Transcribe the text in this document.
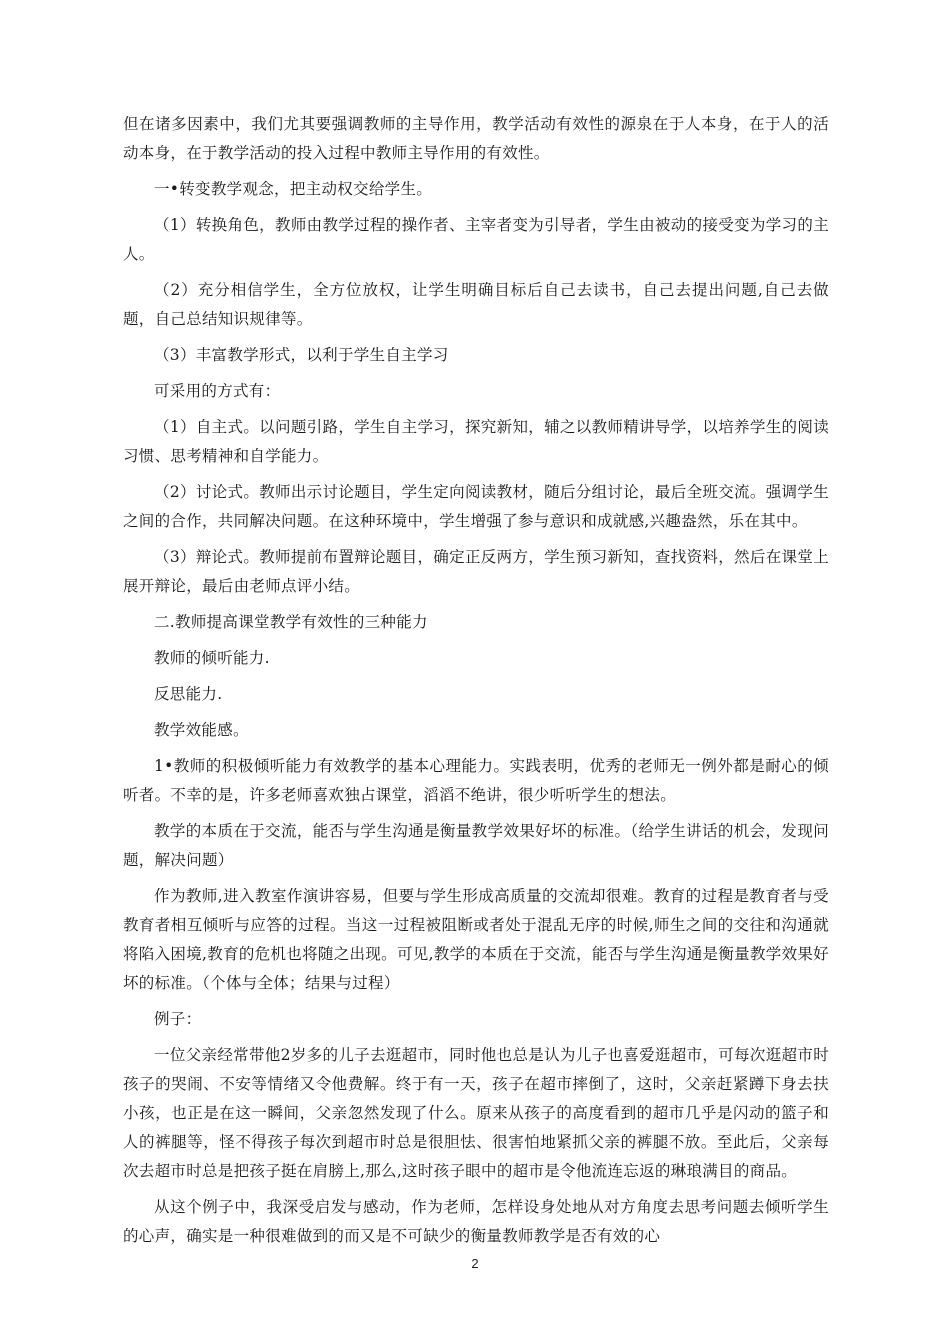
但在诸多因素中，我们尤其要强调教师的主导作用，教学活动有效性的源泉在于人本身，在于人的活动本身，在于教学活动的投入过程中教师主导作用的有效性。

一•转变教学观念，把主动权交给学生。

（1）转换角色，教师由教学过程的操作者、主宰者变为引导者，学生由被动的接受变为学习的主人。

（2）充分相信学生，全方位放权，让学生明确目标后自己去读书，自己去提出问题,自己去做题，自己总结知识规律等。

（3）丰富教学形式，以利于学生自主学习

可采用的方式有：

（1）自主式。以问题引路，学生自主学习，探究新知，辅之以教师精讲导学，以培养学生的阅读习惯、思考精神和自学能力。

（2）讨论式。教师出示讨论题目，学生定向阅读教材，随后分组讨论，最后全班交流。强调学生之间的合作，共同解决问题。在这种环境中，学生增强了参与意识和成就感,兴趣盎然，乐在其中。

（3）辩论式。教师提前布置辩论题目，确定正反两方，学生预习新知，查找资料，然后在课堂上展开辩论，最后由老师点评小结。

二.教师提高课堂教学有效性的三种能力

教师的倾听能力.

反思能力.

教学效能感。

1•教师的积极倾听能力有效教学的基本心理能力。实践表明，优秀的老师无一例外都是耐心的倾听者。不幸的是，许多老师喜欢独占课堂，滔滔不绝讲，很少听听学生的想法。

教学的本质在于交流，能否与学生沟通是衡量教学效果好坏的标准。（给学生讲话的机会，发现问题，解决问题）

作为教师,进入教室作演讲容易，但要与学生形成高质量的交流却很难。教育的过程是教育者与受教育者相互倾听与应答的过程。当这一过程被阻断或者处于混乱无序的时候,师生之间的交往和沟通就将陷入困境,教育的危机也将随之出现。可见,教学的本质在于交流，能否与学生沟通是衡量教学效果好坏的标准。（个体与全体；结果与过程）

例子：

一位父亲经常带他2岁多的儿子去逛超市，同时他也总是认为儿子也喜爱逛超市，可每次逛超市时孩子的哭闹、不安等情绪又令他费解。终于有一天，孩子在超市摔倒了，这时，父亲赶紧蹲下身去扶小孩，也正是在这一瞬间，父亲忽然发现了什么。原来从孩子的高度看到的超市几乎是闪动的篮子和人的裤腿等，怪不得孩子每次到超市时总是很胆怯、很害怕地紧抓父亲的裤腿不放。至此后，父亲每次去超市时总是把孩子挺在肩膀上,那么,这时孩子眼中的超市是令他流连忘返的琳琅满目的商品。

从这个例子中，我深受启发与感动，作为老师，怎样设身处地从对方角度去思考问题去倾听学生的心声，确实是一种很难做到的而又是不可缺少的衡量教师教学是否有效的心

2
